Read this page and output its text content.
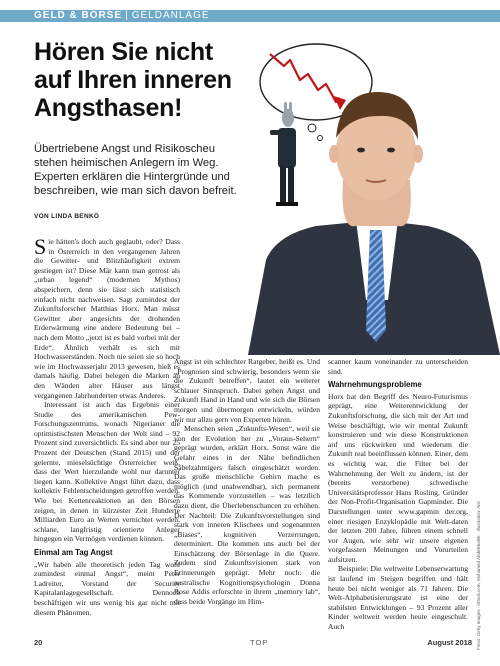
GELD & BÖRSE | GELDANLAGE
Hören Sie nicht auf Ihren inneren Angsthasen!
Übertriebene Angst und Risikoscheu stehen heimischen Anlegern im Weg. Experten erklären die Hintergründe und beschreiben, wie man sich davon befreit.
VON LINDA BENKÖ

Sie hätten's doch auch geglaubt, oder? Dass in Österreich in den vergangenen Jahren die Gewitter- und Blitzhäufigkeit extrem gestiegen ist? Diese Mär kann man getrost als „urban legend“ (modernen Mythos) abspeichern, denn sie lässt sich statistisch einfach nicht nachweisen. Sagt zumindest der Zukunftsforscher Matthias Horx. Man müsst Gewitter aber angesichts der drohenden Erderwärmung eine andere Bedeutung bei – nach dem Motto „jetzt ist es bald vorbei mit der Erde“. Ähnlich verhält es sich mit Hochwasserständen. Noch nie seien sie so hoch wie im Hochwasserjahr 2013 gewesen, hieß es damals häufig. Dabei belegen die Marken an den Wänden alter Häuser aus längst vergangenen Jahrhunderten etwas Anderes.

Interessant ist auch das Ergebnis einer Studie des amerikanischen Pew-Forschungszentrums, wonach Nigerianer die optimistischsten Menschen der Welt sind – 92 Prozent sind zuversichtlich. Es sind aber nur 25 Prozent der Deutschen (Stand 2015) und der gelernte, mieselsüchtige Österreicher weiß, dass der Wert hierzulande wohl nur darunter liegen kann. Kollektive Angst führt dazu, dass kollektiv Fehlentscheidungen getroffen werden. Wie bei Kettenreaktionen an den Börsen zeigen, in denen in kürzester Zeit Hunderte Milliarden Euro an Werten vernichtet werden, schlane, langfristig orientierte Anleger hingegen ein Vermögen verdienen können.

Einmal am Tag Angst

„Wir haben alle theoretisch jeden Tag wohl zumindest einmal Angst“, meint Peter Ladreiter, Vorstand der Security Kapitalanlagegesellschaft. Dennoch beschäftigen wir uns wenig bis gar nicht mit diesem Phänomen.

Angst ist ein schlechter Ratgeber, heißt es. Und „Prognosen sind schwierig, besonders wenn sie die Zukunft betreffen“, lautet ein weiterer schlauer Sinnspruch. Dabei gehen Angst und Zukunft Hand in Hand und wie sich die Börsen morgen und übermorgen entwickeln, würden wir nur allzu gern von Experten hören.

Menschen seien „Zukunfts-Wesen“, weil sie von der Evolution her zu „Voraus-Sehern“ geprägt wurden, erklärt Horx. Sonst wäre die Gefahr eines in der Nähe befindlichen Säbelzahntigers falsch eingeschätzt worden. Das große menschliche Gehirn mache es möglich (und unabwendbar), sich permanent das Kommende vorzustellen – was letztlich dazu dient, die Überlebenschancen zu erhöhen. Der Nachteil: Die Zukunftsvorstellungen sind stark von inneren Klischees und sogenannten „Biases“, kognitiven Verzerrungen, determiniert. Die kommen uns auch bei der Einschätzung der Börsenlage in die Quere. Zudem sind Zukunftsvisionen stark von Erinnerungen geprägt. Mehr noch: die australische Kognitionspsychologin Donna Rose Addis erforschte in ihrem „memory lab“, dass beide Vorgänge im Him-

scanner kaum voneinander zu unterscheiden sind.

Wahrnehmungsprobleme

Horx hat den Begriff des Neuro-Futurismus geprägt, eine Weiterentwicklung der Zukunftsforschung, die sich mit der Art und Weise beschäftigt, wie wir mental Zukunft konstruieren und wie diese Konstruktionen auf uns rückwirken und wiederum die Zukunft real beeinflussen können. Einer, dem es wichtig war, die Filter bei der Wahrnehmung der Welt zu ändern, ist der (bereits verstorbene) schwedische Universitätsprofessor Hans Rosling, Gründer der Non-Profit-Organisation Gapminder. Die Darstellungen unter www.gapmin der.org, einer riesigen Enzyklopädie mit Welt-daten der letzten 200 Jahre, führen einem schnell vor Augen, wie sehr wir unsere eigenen vorgefassten Meinungen und Vorurteilen aufsitzen.

Beispiele: Die weltweite Lebenserwartung ist laufend im Steigen begriffen und hält heute bei nicht weniger als 71 Jahren. Die Welt-Alphabetisierungsrate ist eine der stabilsten Entwicklungen – 93 Prozent aller Kinder weltweit werden heute eingeschult. Auch

20	TOP	August 2018 Fotos: Getty Images · iStock.com, Mohamed Abdelkhalek · Illustration: Aisl
